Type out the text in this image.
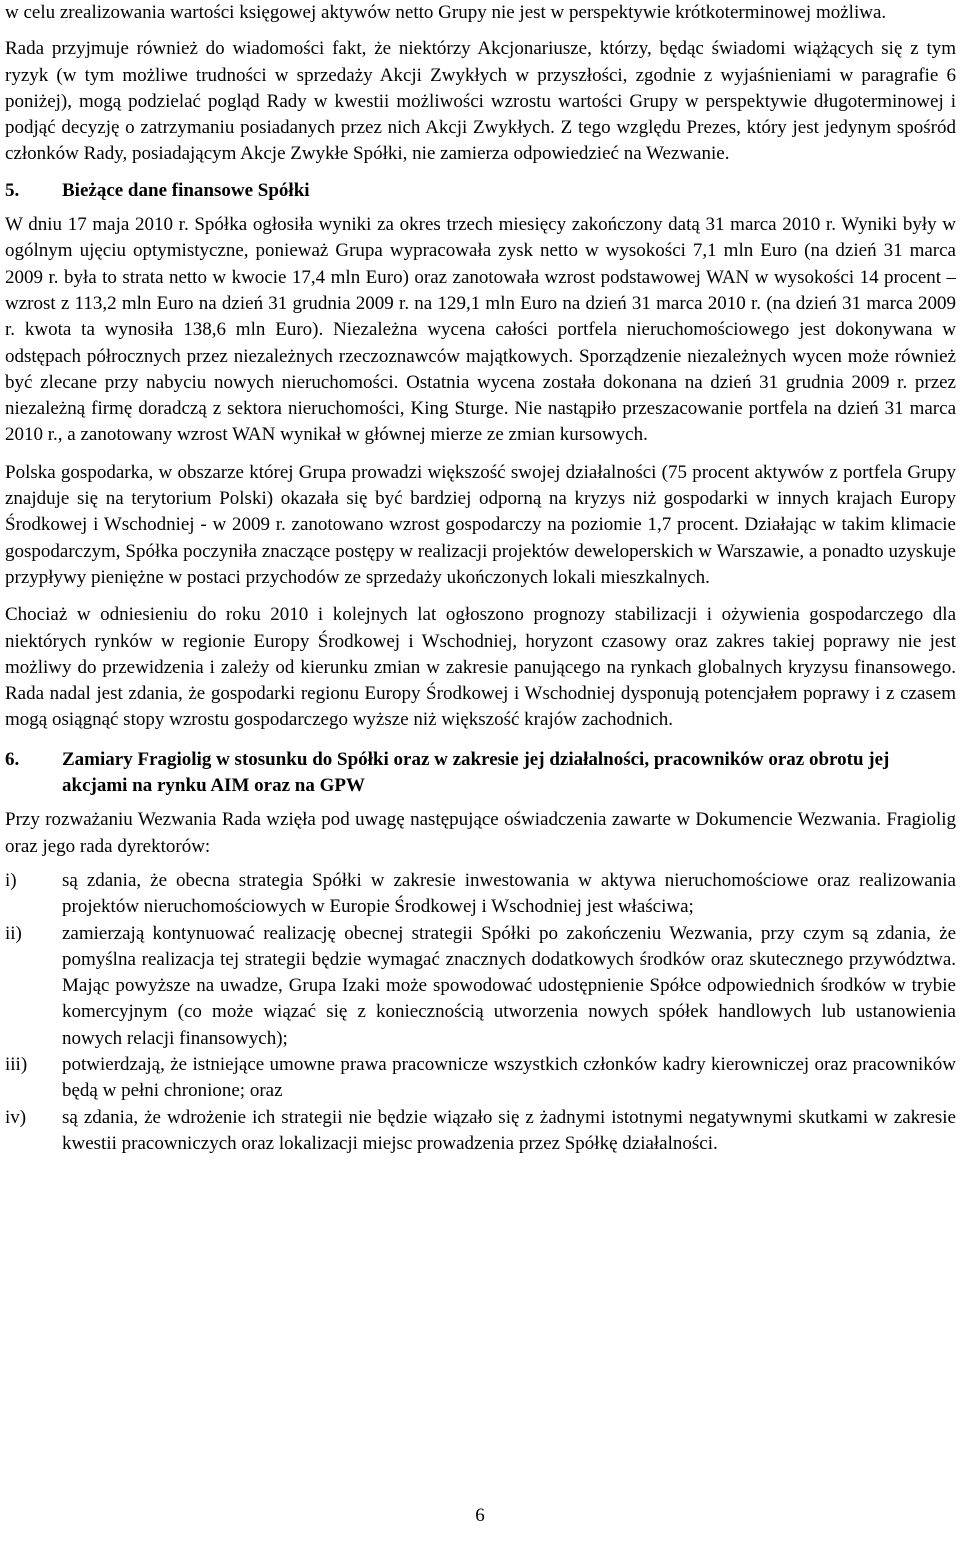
w celu zrealizowania wartości księgowej aktywów netto Grupy nie jest w perspektywie krótkoterminowej możliwa.

Rada przyjmuje również do wiadomości fakt, że niektórzy Akcjonariusze, którzy, będąc świadomi wiążących się z tym ryzyk (w tym możliwe trudności w sprzedaży Akcji Zwykłych w przyszłości, zgodnie z wyjaśnieniami w paragrafie 6 poniżej), mogą podzielać pogląd Rady w kwestii możliwości wzrostu wartości Grupy w perspektywie długoterminowej i podjąć decyzję o zatrzymaniu posiadanych przez nich Akcji Zwykłych. Z tego względu Prezes, który jest jedynym spośród członków Rady, posiadającym Akcje Zwykłe Spółki, nie zamierza odpowiedzieć na Wezwanie.

5.	Bieżące dane finansowe Spółki

W dniu 17 maja 2010 r. Spółka ogłosiła wyniki za okres trzech miesięcy zakończony datą 31 marca 2010 r. Wyniki były w ogólnym ujęciu optymistyczne, ponieważ Grupa wypracowała zysk netto w wysokości 7,1 mln Euro (na dzień 31 marca 2009 r. była to strata netto w kwocie 17,4 mln Euro) oraz zanotowała wzrost podstawowej WAN w wysokości 14 procent – wzrost z 113,2 mln Euro na dzień 31 grudnia 2009 r. na 129,1 mln Euro na dzień 31 marca 2010 r. (na dzień 31 marca 2009 r. kwota ta wynosiła 138,6 mln Euro). Niezależna wycena całości portfela nieruchomościowego jest dokonywana w odstępach półrocznych przez niezależnych rzeczoznawców majątkowych. Sporządzenie niezależnych wycen może również być zlecane przy nabyciu nowych nieruchomości. Ostatnia wycena została dokonana na dzień 31 grudnia 2009 r. przez niezależną firmę doradczą z sektora nieruchomości, King Sturge. Nie nastąpiło przeszacowanie portfela na dzień 31 marca 2010 r., a zanotowany wzrost WAN wynikał w głównej mierze ze zmian kursowych.

Polska gospodarka, w obszarze której Grupa prowadzi większość swojej działalności (75 procent aktywów z portfela Grupy znajduje się na terytorium Polski) okazała się być bardziej odporną na kryzys niż gospodarki w innych krajach Europy Środkowej i Wschodniej - w 2009 r. zanotowano wzrost gospodarczy na poziomie 1,7 procent. Działając w takim klimacie gospodarczym, Spółka poczyniła znaczące postępy w realizacji projektów deweloperskich w Warszawie, a ponadto uzyskuje przypływy pieniężne w postaci przychodów ze sprzedaży ukończonych lokali mieszkalnych.

Chociaż w odniesieniu do roku 2010 i kolejnych lat ogłoszono prognozy stabilizacji i ożywienia gospodarczego dla niektórych rynków w regionie Europy Środkowej i Wschodniej, horyzont czasowy oraz zakres takiej poprawy nie jest możliwy do przewidzenia i zależy od kierunku zmian w zakresie panującego na rynkach globalnych kryzysu finansowego. Rada nadal jest zdania, że gospodarki regionu Europy Środkowej i Wschodniej dysponują potencjałem poprawy i z czasem mogą osiągnąć stopy wzrostu gospodarczego wyższe niż większość krajów zachodnich.

6.	Zamiary Fragiolig w stosunku do Spółki oraz w zakresie jej działalności, pracowników oraz obrotu jej akcjami na rynku AIM oraz na GPW

Przy rozważaniu Wezwania Rada wzięła pod uwagę następujące oświadczenia zawarte w Dokumencie Wezwania. Fragiolig oraz jego rada dyrektorów:

i)	są zdania, że obecna strategia Spółki w zakresie inwestowania w aktywa nieruchomościowe oraz realizowania projektów nieruchomościowych w Europie Środkowej i Wschodniej jest właściwa;
ii)	zamierzają kontynuować realizację obecnej strategii Spółki po zakończeniu Wezwania, przy czym są zdania, że pomyślna realizacja tej strategii będzie wymagać znacznych dodatkowych środków oraz skutecznego przywództwa. Mając powyższe na uwadze, Grupa Izaki może spowodować udostępnienie Spółce odpowiednich środków w trybie komercyjnym (co może wiązać się z koniecznością utworzenia nowych spółek handlowych lub ustanowienia nowych relacji finansowych);
iii)	potwierdzają, że istniejące umowne prawa pracownicze wszystkich członków kadry kierowniczej oraz pracowników będą w pełni chronione; oraz
iv)	są zdania, że wdrożenie ich strategii nie będzie wiązało się z żadnymi istotnymi negatywnymi skutkami w zakresie kwestii pracowniczych oraz lokalizacji miejsc prowadzenia przez Spółkę działalności.
6
